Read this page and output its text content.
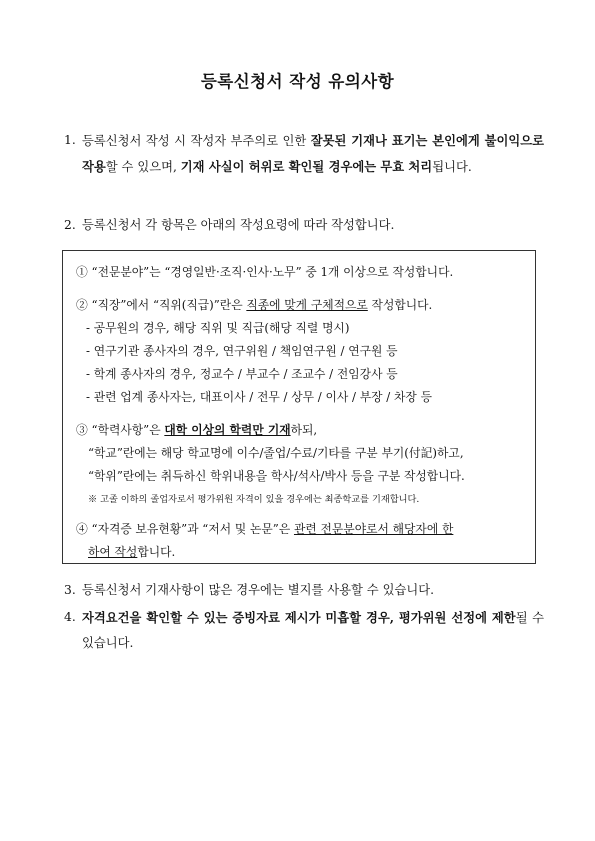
등록신청서 작성 유의사항
1. 등록신청서 작성 시 작성자 부주의로 인한 잘못된 기재나 표기는 본인에게 불이익으로 작용할 수 있으며, 기재 사실이 허위로 확인될 경우에는 무효 처리됩니다.
2. 등록신청서 각 항목은 아래의 작성요령에 따라 작성합니다.
① “전문분야”는 “경영일반·조직·인사·노무” 중 1개 이상으로 작성합니다.
② “직장”에서 “직위(직급)”란은 직종에 맞게 구체적으로 작성합니다.
- 공무원의 경우, 해당 직위 및 직급(해당 직렬 명시)
- 연구기관 종사자의 경우, 연구위원 / 책임연구원 / 연구원 등
- 학계 종사자의 경우, 정교수 / 부교수 / 조교수 / 전임강사 등
- 관련 업계 종사자는, 대표이사 / 전무 / 상무 / 이사 / 부장 / 차장 등
③ “학력사항”은 대학 이상의 학력만 기재하되,
“학교”란에는 해당 학교명에 이수/졸업/수료/기타를 구분 부기(付記)하고,
“학위”란에는 취득하신 학위내용을 학사/석사/박사 등을 구분 작성합니다.
※ 고졸 이하의 졸업자로서 평가위원 자격이 있을 경우에는 최종학교를 기재합니다.
④ “자격증 보유현황”과 “저서 및 논문”은 관련 전문분야로서 해당자에 한
하여 작성합니다.
3. 등록신청서 기재사항이 많은 경우에는 별지를 사용할 수 있습니다.
4. 자격요건을 확인할 수 있는 증빙자료 제시가 미흡할 경우, 평가위원 선정에 제한될 수 있습니다.
